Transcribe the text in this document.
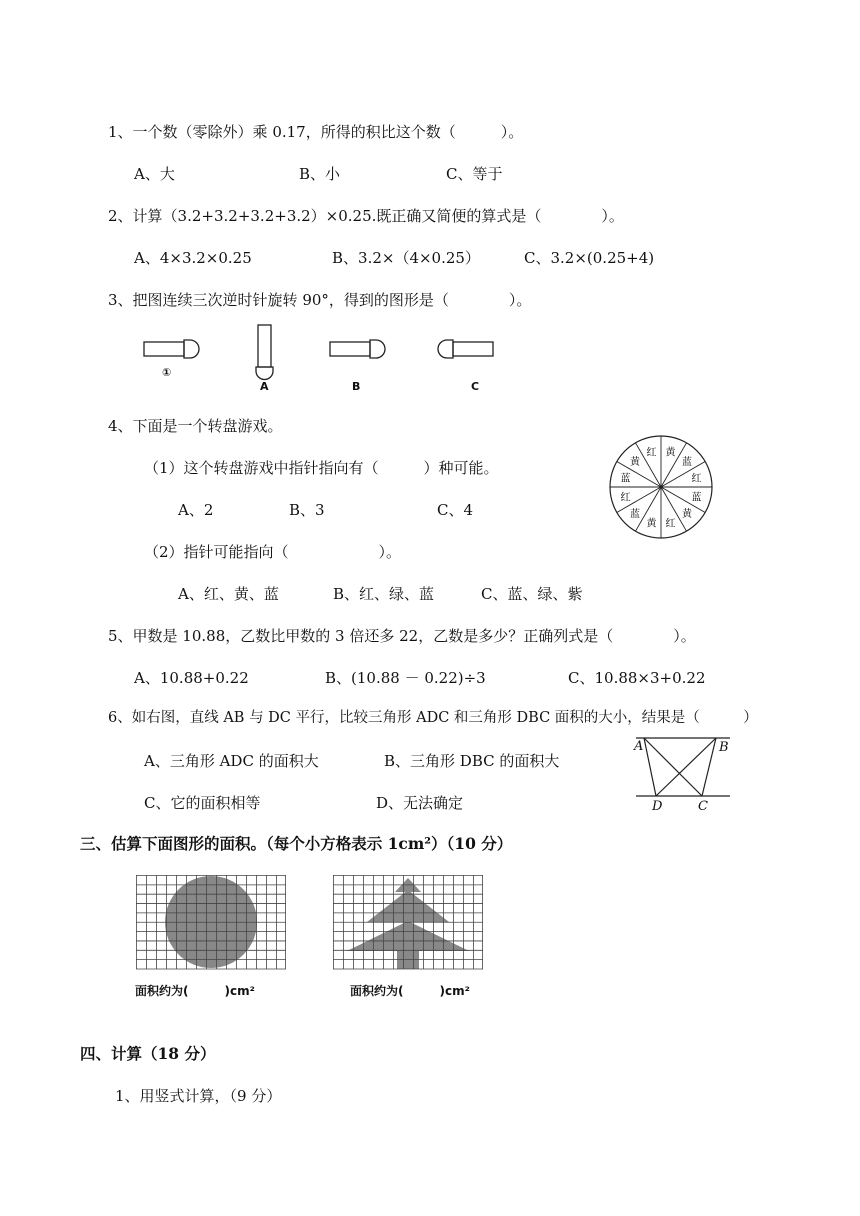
1、一个数（零除外）乘 0.17，所得的积比这个数（　　　）。
A、大	B、小	C、等于
2、计算（3.2+3.2+3.2+3.2）×0.25.既正确又简便的算式是（　　　　）。
A、4×3.2×0.25	B、3.2×（4×0.25）	C、3.2×(0.25+4)
3、把图连续三次逆时针旋转 90°，得到的图形是（　　　　）。
①
A	B	C
4、下面是一个转盘游戏。
（1）这个转盘游戏中指针指向有（　　　）种可能。
A、2	B、3	C、4
（2）指针可能指向（　　　　　　）。
A、红、黄、蓝	B、红、绿、蓝	C、蓝、绿、紫
黄
蓝
红
蓝
黄
红
黄
蓝
红
蓝
黄
红
5、甲数是 10.88，乙数比甲数的 3 倍还多 22，乙数是多少？正确列式是（　　　　）。
A、10.88+0.22	B、(10.88 － 0.22)÷3	C、10.88×3+0.22
6、如右图，直线 AB 与 DC 平行，比较三角形 ADC 和三角形 DBC 面积的大小，结果是（　　　）
A、三角形 ADC 的面积大	B、三角形 DBC 的面积大
C、它的面积相等	D、无法确定
A	B
D	C
三、估算下面图形的面积。（每个小方格表示 1cm²）（10 分）
面积约为(　　　)cm²	面积约为(　　　)cm²
四、计算（18 分）
1、用竖式计算，（9 分）
